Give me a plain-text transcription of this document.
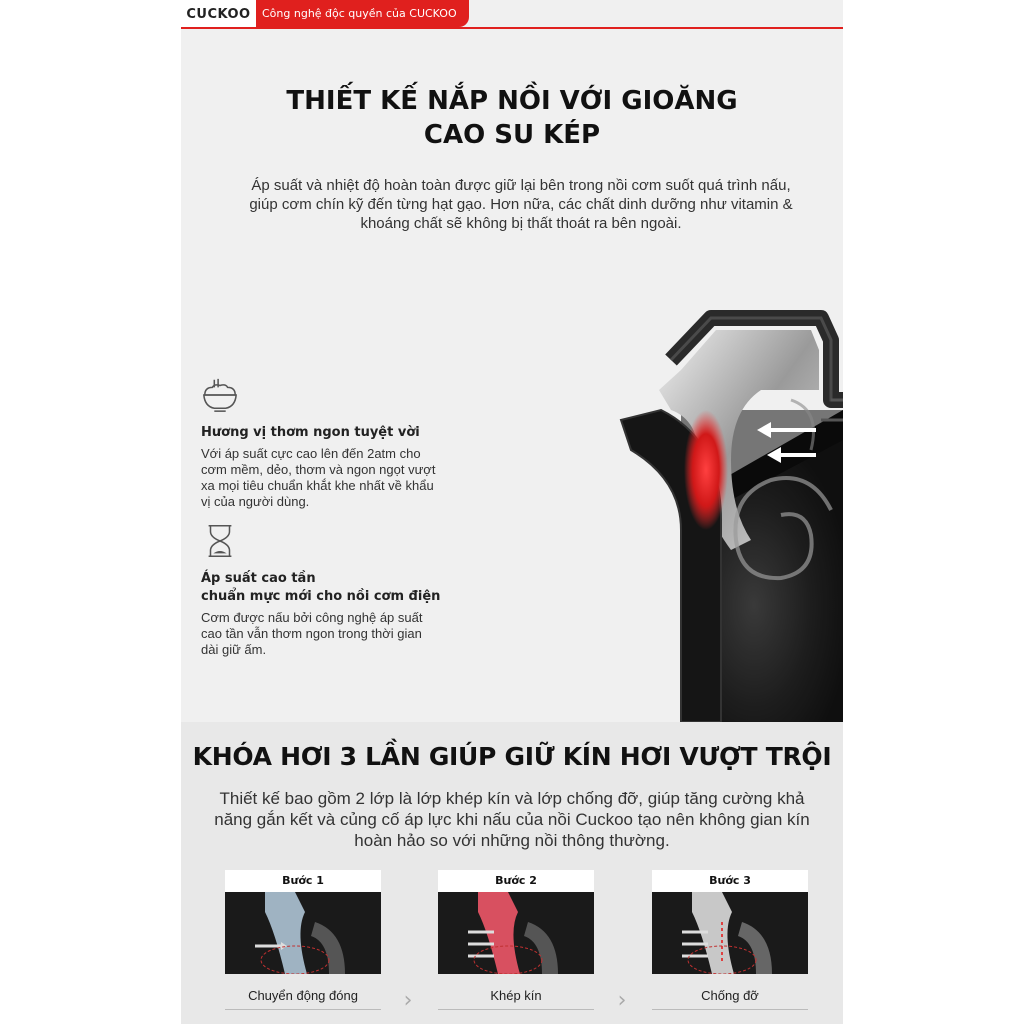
CUCKOO	Công nghệ độc quyền của CUCKOO
THIẾT KẾ NẮP NỒI VỚI GIOĂNG
CAO SU KÉP
Áp suất và nhiệt độ hoàn toàn được giữ lại bên trong nồi cơm suốt quá trình nấu, giúp cơm chín kỹ đến từng hạt gạo. Hơn nữa, các chất dinh dưỡng như vitamin & khoáng chất sẽ không bị thất thoát ra bên ngoài.
Hương vị thơm ngon tuyệt vời
Với áp suất cực cao lên đến 2atm cho cơm mềm, dẻo, thơm và ngon ngọt vượt xa mọi tiêu chuẩn khắt khe nhất về khẩu vị của người dùng.
Áp suất cao tần
chuẩn mực mới cho nồi cơm điện
Cơm được nấu bởi công nghệ áp suất cao tần vẫn thơm ngon trong thời gian dài giữ ấm.
KHÓA HƠI 3 LẦN GIÚP GIỮ KÍN HƠI VƯỢT TRỘI
Thiết kế bao gồm 2 lớp là lớp khép kín và lớp chống đỡ, giúp tăng cường khả năng gắn kết và củng cố áp lực khi nấu của nồi Cuckoo tạo nên không gian kín hoàn hảo so với những nồi thông thường.
Bước 1
Chuyển động đóng	›
Bước 2
Khép kín	›
Bước 3
Chống đỡ
